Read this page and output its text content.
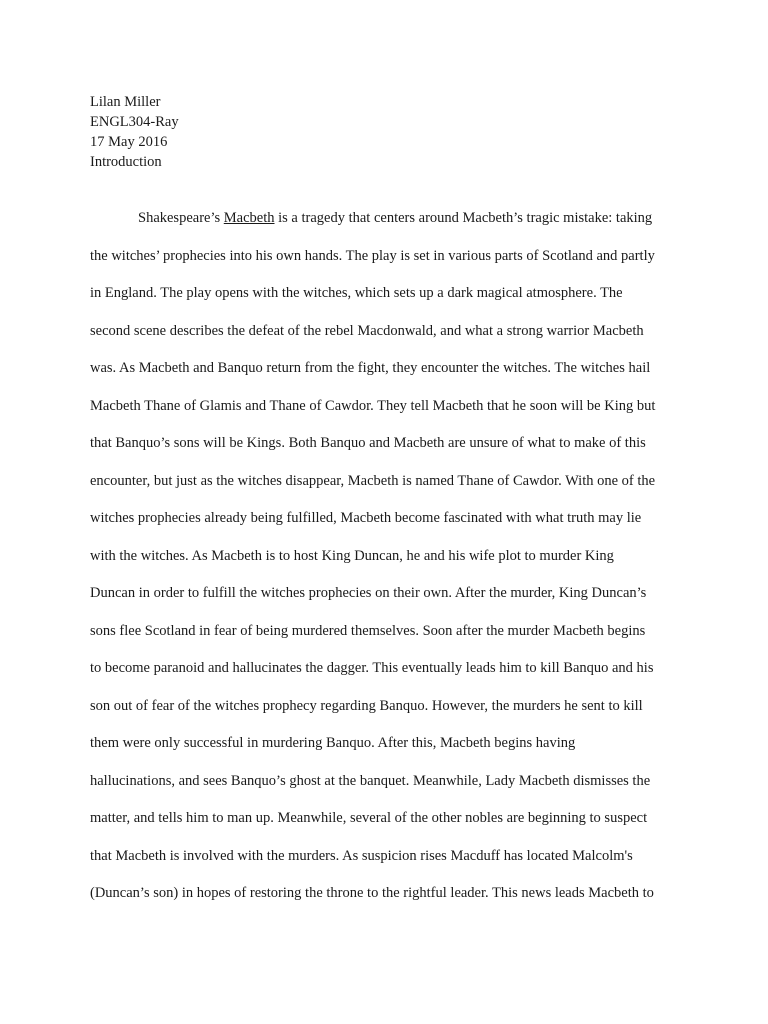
Lilan Miller
ENGL304-Ray
17 May 2016
Introduction
Shakespeare’s Macbeth is a tragedy that centers around Macbeth’s tragic mistake: taking
the witches’ prophecies into his own hands. The play is set in various parts of Scotland and partly
in England. The play opens with the witches, which sets up a dark magical atmosphere. The
second scene describes the defeat of the rebel Macdonwald, and what a strong warrior Macbeth
was. As Macbeth and Banquo return from the fight, they encounter the witches. The witches hail
Macbeth Thane of Glamis and Thane of Cawdor. They tell Macbeth that he soon will be King but
that Banquo’s sons will be Kings. Both Banquo and Macbeth are unsure of what to make of this
encounter, but just as the witches disappear, Macbeth is named Thane of Cawdor. With one of the
witches prophecies already being fulfilled, Macbeth become fascinated with what truth may lie
with the witches. As Macbeth is to host King Duncan, he and his wife plot to murder King
Duncan in order to fulfill the witches prophecies on their own. After the murder, King Duncan’s
sons flee Scotland in fear of being murdered themselves. Soon after the murder Macbeth begins
to become paranoid and hallucinates the dagger. This eventually leads him to kill Banquo and his
son out of fear of the witches prophecy regarding Banquo. However, the murders he sent to kill
them were only successful in murdering Banquo. After this, Macbeth begins having
hallucinations, and sees Banquo’s ghost at the banquet. Meanwhile, Lady Macbeth dismisses the
matter, and tells him to man up. Meanwhile, several of the other nobles are beginning to suspect
that Macbeth is involved with the murders. As suspicion rises Macduff has located Malcolm's
(Duncan’s son) in hopes of restoring the throne to the rightful leader. This news leads Macbeth to
